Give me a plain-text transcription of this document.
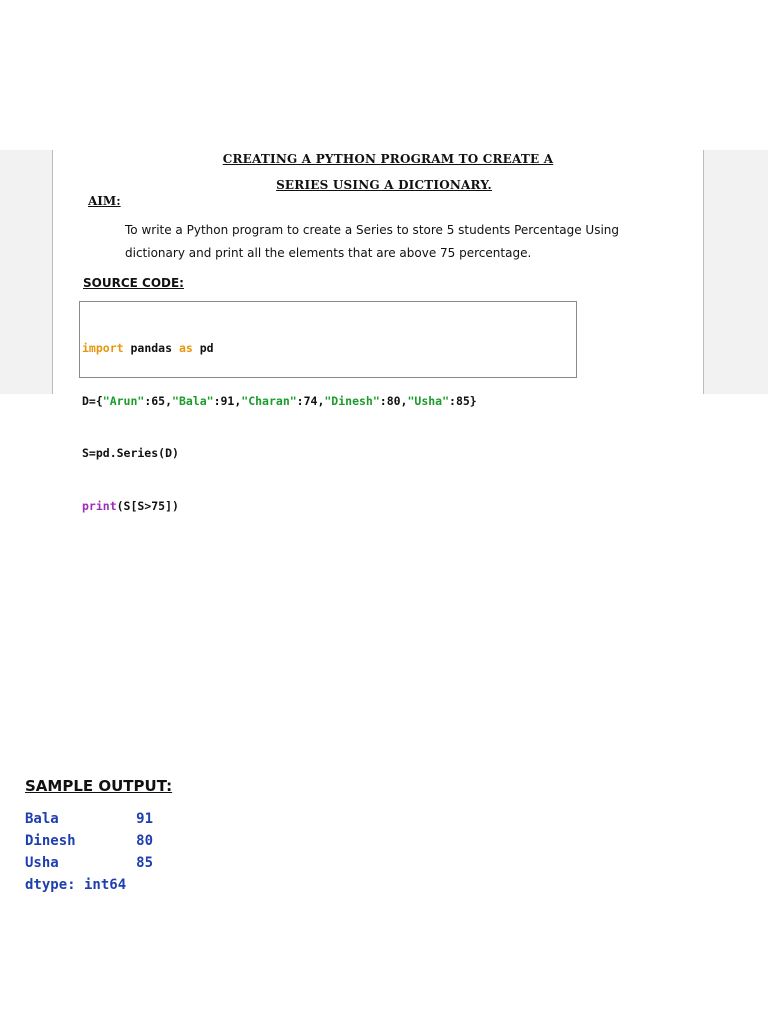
CREATING A PYTHON PROGRAM TO CREATE A
SERIES USING A DICTIONARY.
AIM:
To write a Python program to create a Series to store 5 students Percentage Using
dictionary and print all the elements that are above 75 percentage.
SOURCE CODE:

import pandas as pd

D={"Arun":65,"Bala":91,"Charan":74,"Dinesh":80,"Usha":85}

S=pd.Series(D)

print(S[S>75])

SAMPLE OUTPUT:
Bala	91
Dinesh	80
Usha	85
dtype: int64
